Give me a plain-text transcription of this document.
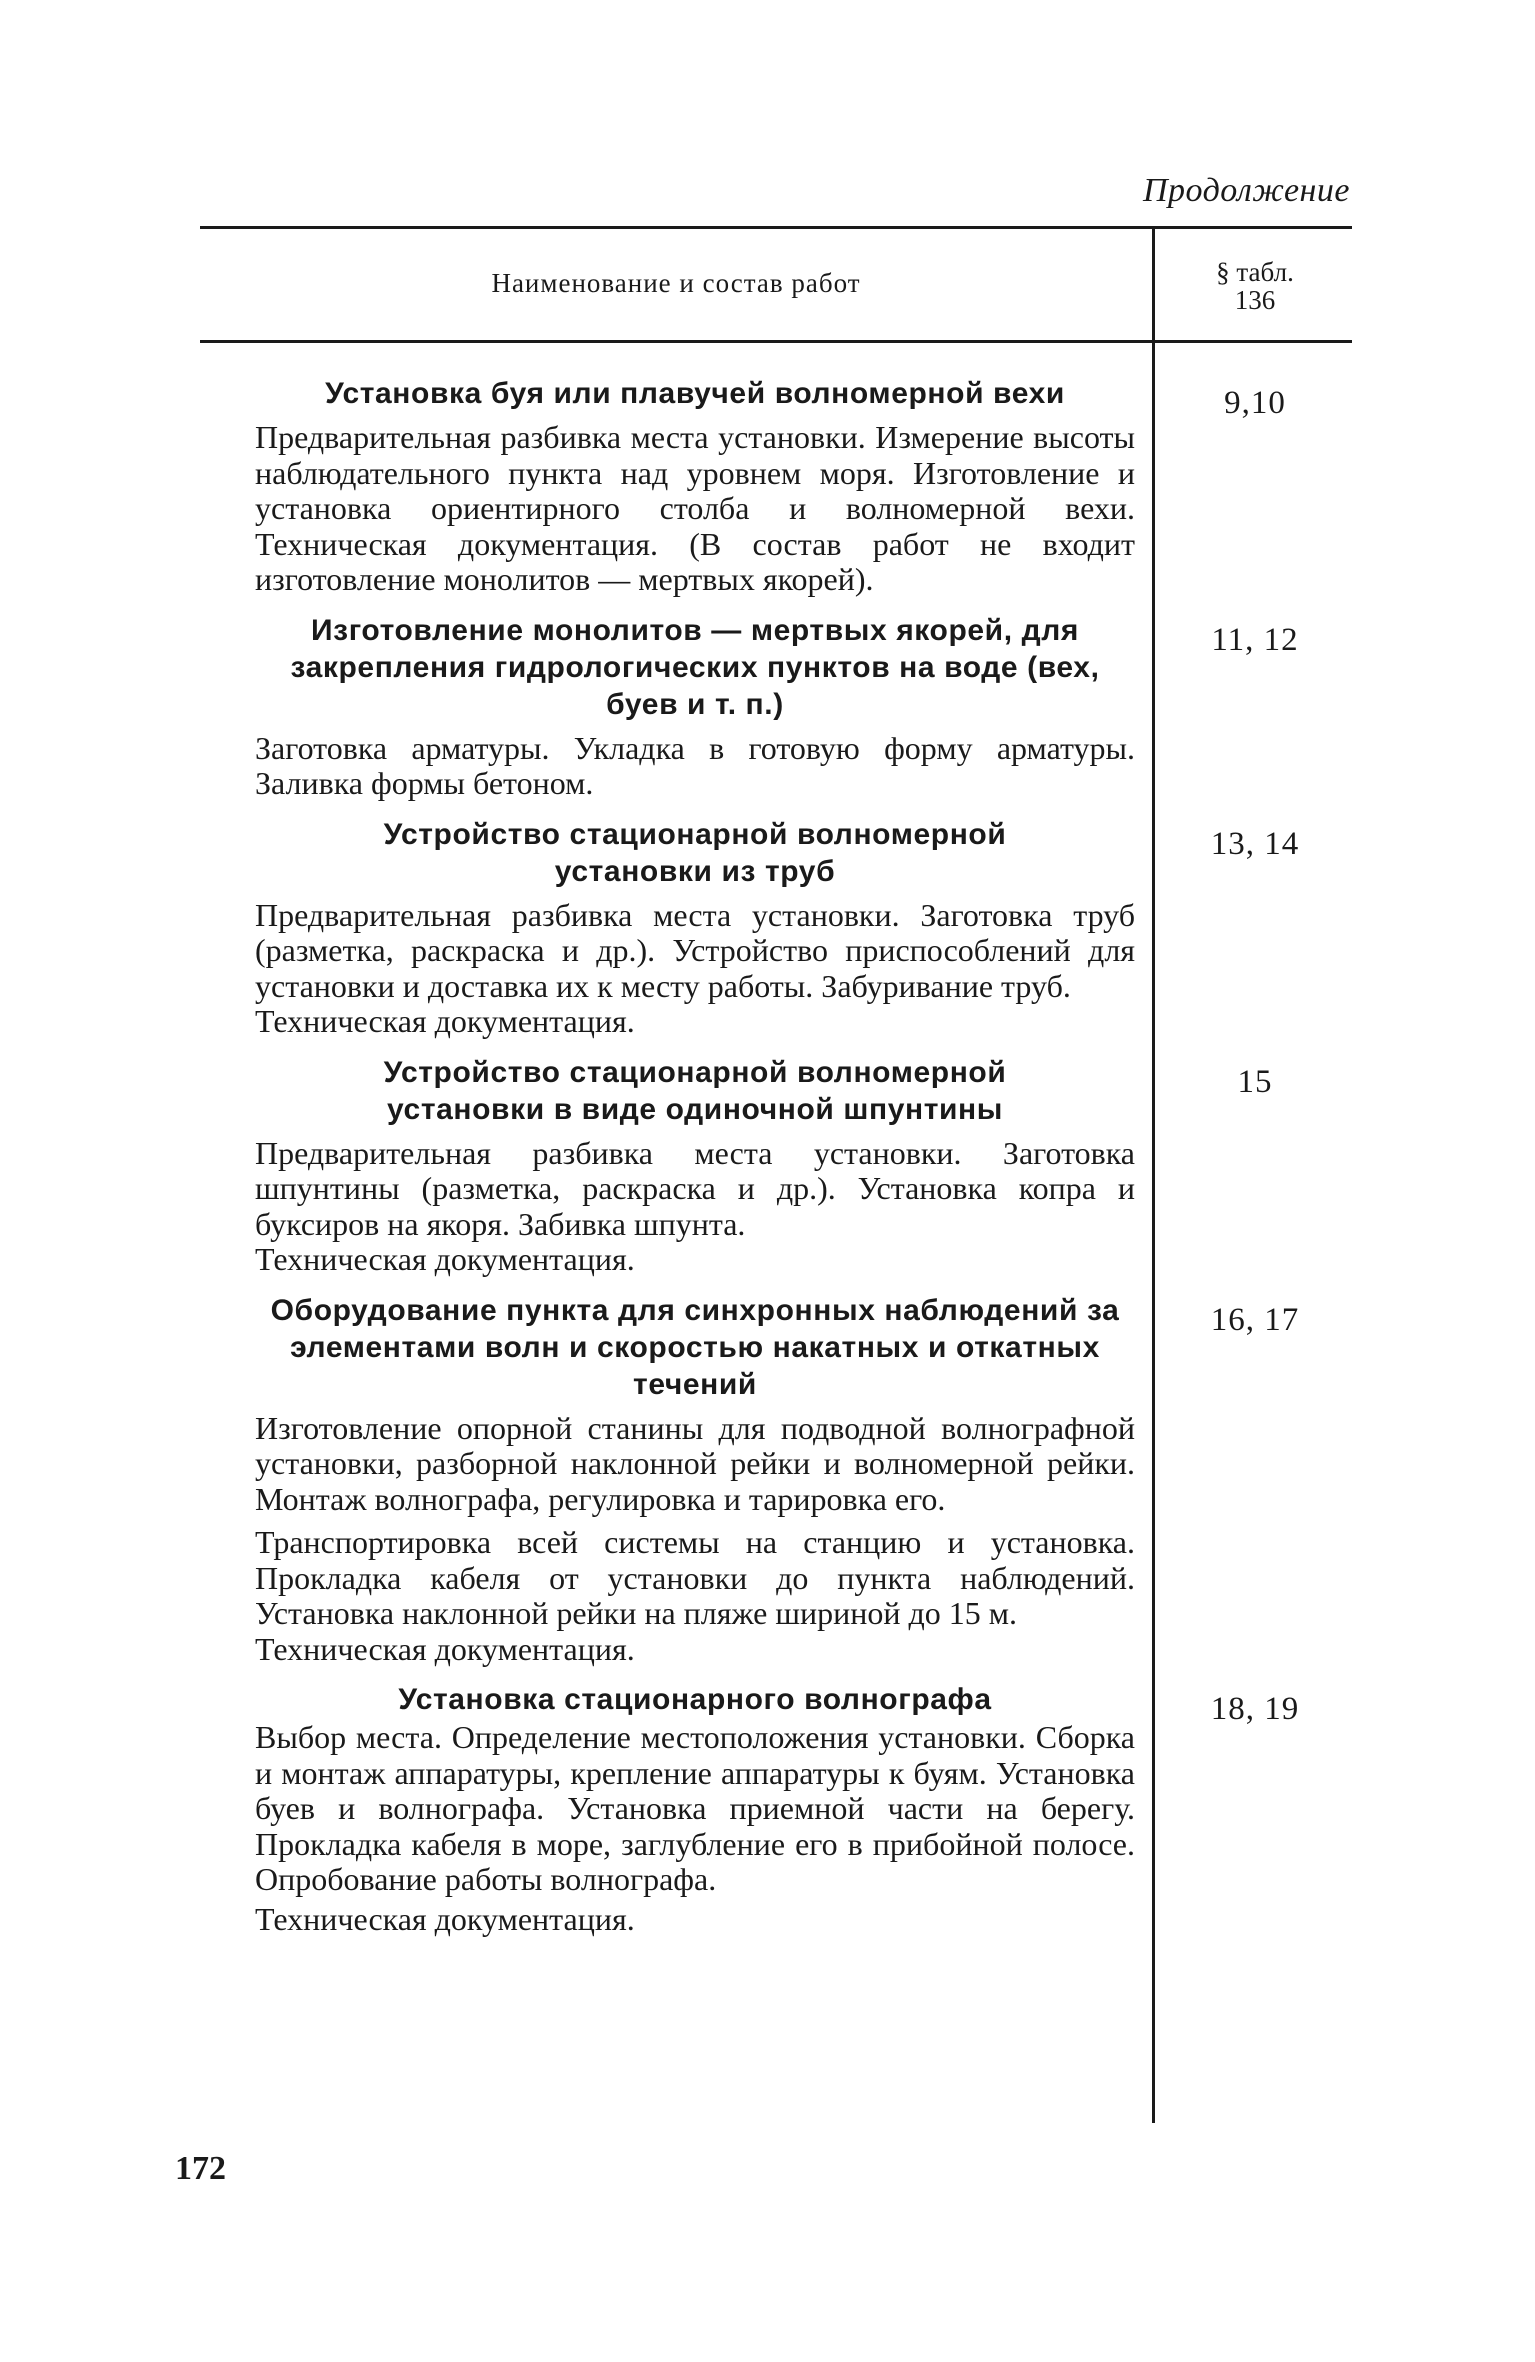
Продолжение
Наименование и состав работ	§ табл.
136
Установка буя или плавучей волномерной вехи

Предварительная разбивка места установки. Измерение высоты наблюдательного пункта над уровнем моря. Изготовление и установка ориентирного столба и волномерной вехи. Техническая документация. (В состав работ не входит изготовление монолитов — мертвых якорей).

9,10
Изготовление монолитов — мертвых якорей, для закрепления гидрологических пунктов на воде (вех, буев и т. п.)

Заготовка арматуры. Укладка в готовую форму арматуры. Заливка формы бетоном.

11, 12
Устройство стационарной волномерной установки из труб

Предварительная разбивка места установки. Заготовка труб (разметка, раскраска и др.). Устройство приспособлений для установки и доставка их к месту работы. Забуривание труб.

Техническая документация.

13, 14
Устройство стационарной волномерной установки в виде одиночной шпунтины

Предварительная разбивка места установки. Заготовка шпунтины (разметка, раскраска и др.). Установка копра и буксиров на якоря. Забивка шпунта.

Техническая документация.

15
Оборудование пункта для синхронных наблюдений за элементами волн и скоростью накатных и откатных течений

Изготовление опорной станины для подводной волнографной установки, разборной наклонной рейки и волномерной рейки. Монтаж волнографа, регулировка и тарировка его.

Транспортировка всей системы на станцию и установка. Прокладка кабеля от установки до пункта наблюдений. Установка наклонной рейки на пляже шириной до 15 м.

Техническая документация.

16, 17
Установка стационарного волнографа

Выбор места. Определение местоположения установки. Сборка и монтаж аппаратуры, крепление аппаратуры к буям. Установка буев и волнографа. Установка приемной части на берегу. Прокладка кабеля в море, заглубление его в прибойной полосе. Опробование работы волнографа.

Техническая документация.

18, 19
172
